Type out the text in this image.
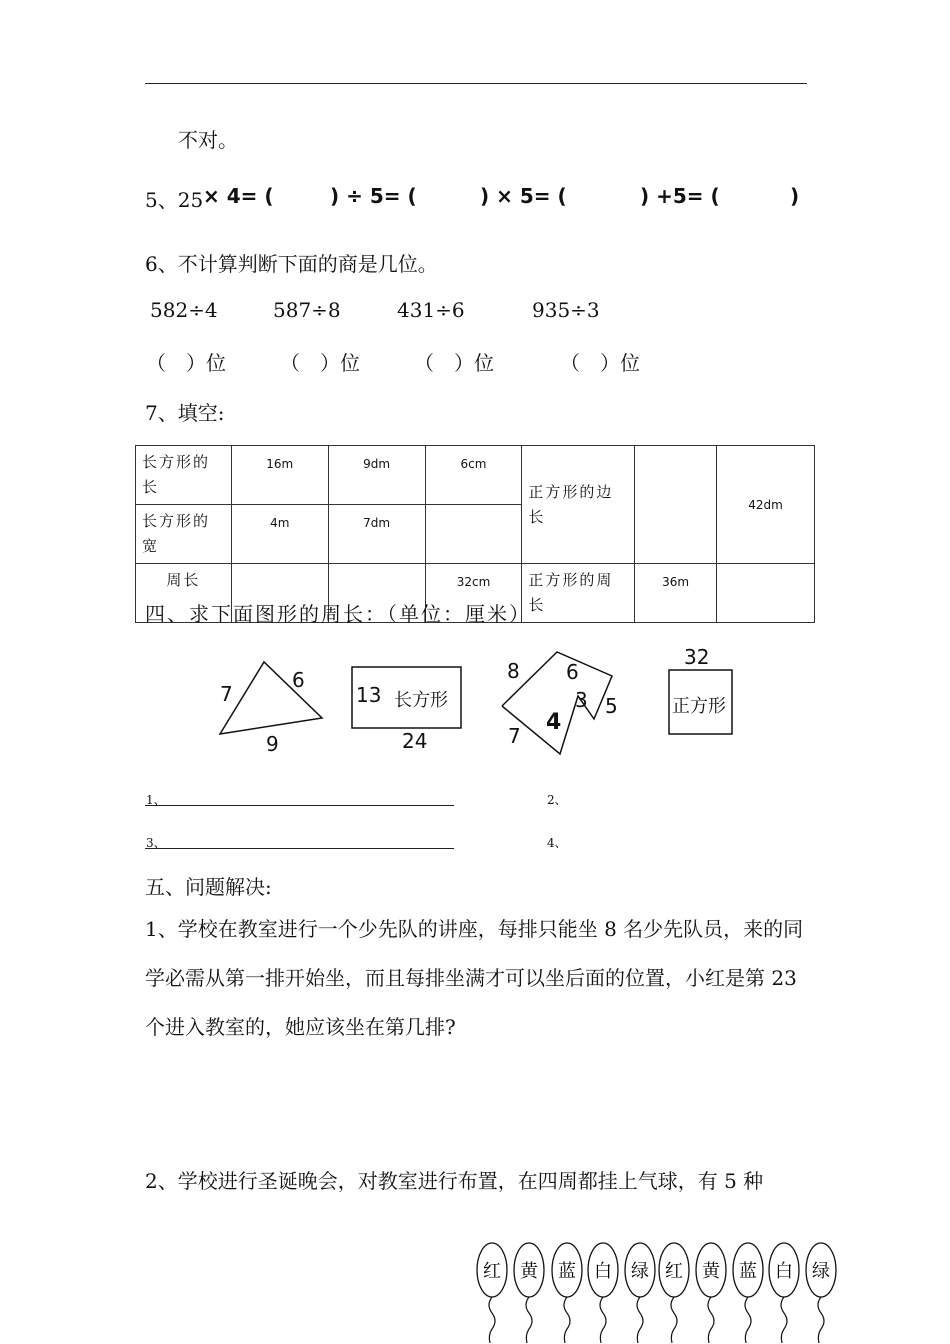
不对。
5、25 × 4= (	) ÷ 5= (	) × 5= (	) +5= (	)
6、不计算判断下面的商是几位。
582÷4	587÷8	431÷6	935÷3
（　）位	（　）位	（　）位	（　）位
7、填空:
长方形的长	16m	9dm	6cm	正方形的边长		42dm
长方形的宽	4m	7dm				
周长			32cm	正方形的周长	36m	
四、求下面图形的周长：（单位：厘米）
7
6
9
13 长方形
24
8 6
3 5
7
4
32
正方形
1、	2、
3、	4、
五、问题解决:
1、学校在教室进行一个少先队的讲座，每排只能坐 8 名少先队员，来的同学必需从第一排开始坐，而且每排坐满才可以坐后面的位置，小红是第 23 个进入教室的，她应该坐在第几排?
2、学校进行圣诞晚会，对教室进行布置，在四周都挂上气球，有 5 种
红 黄 蓝 白 绿 红 黄 蓝 白 绿
